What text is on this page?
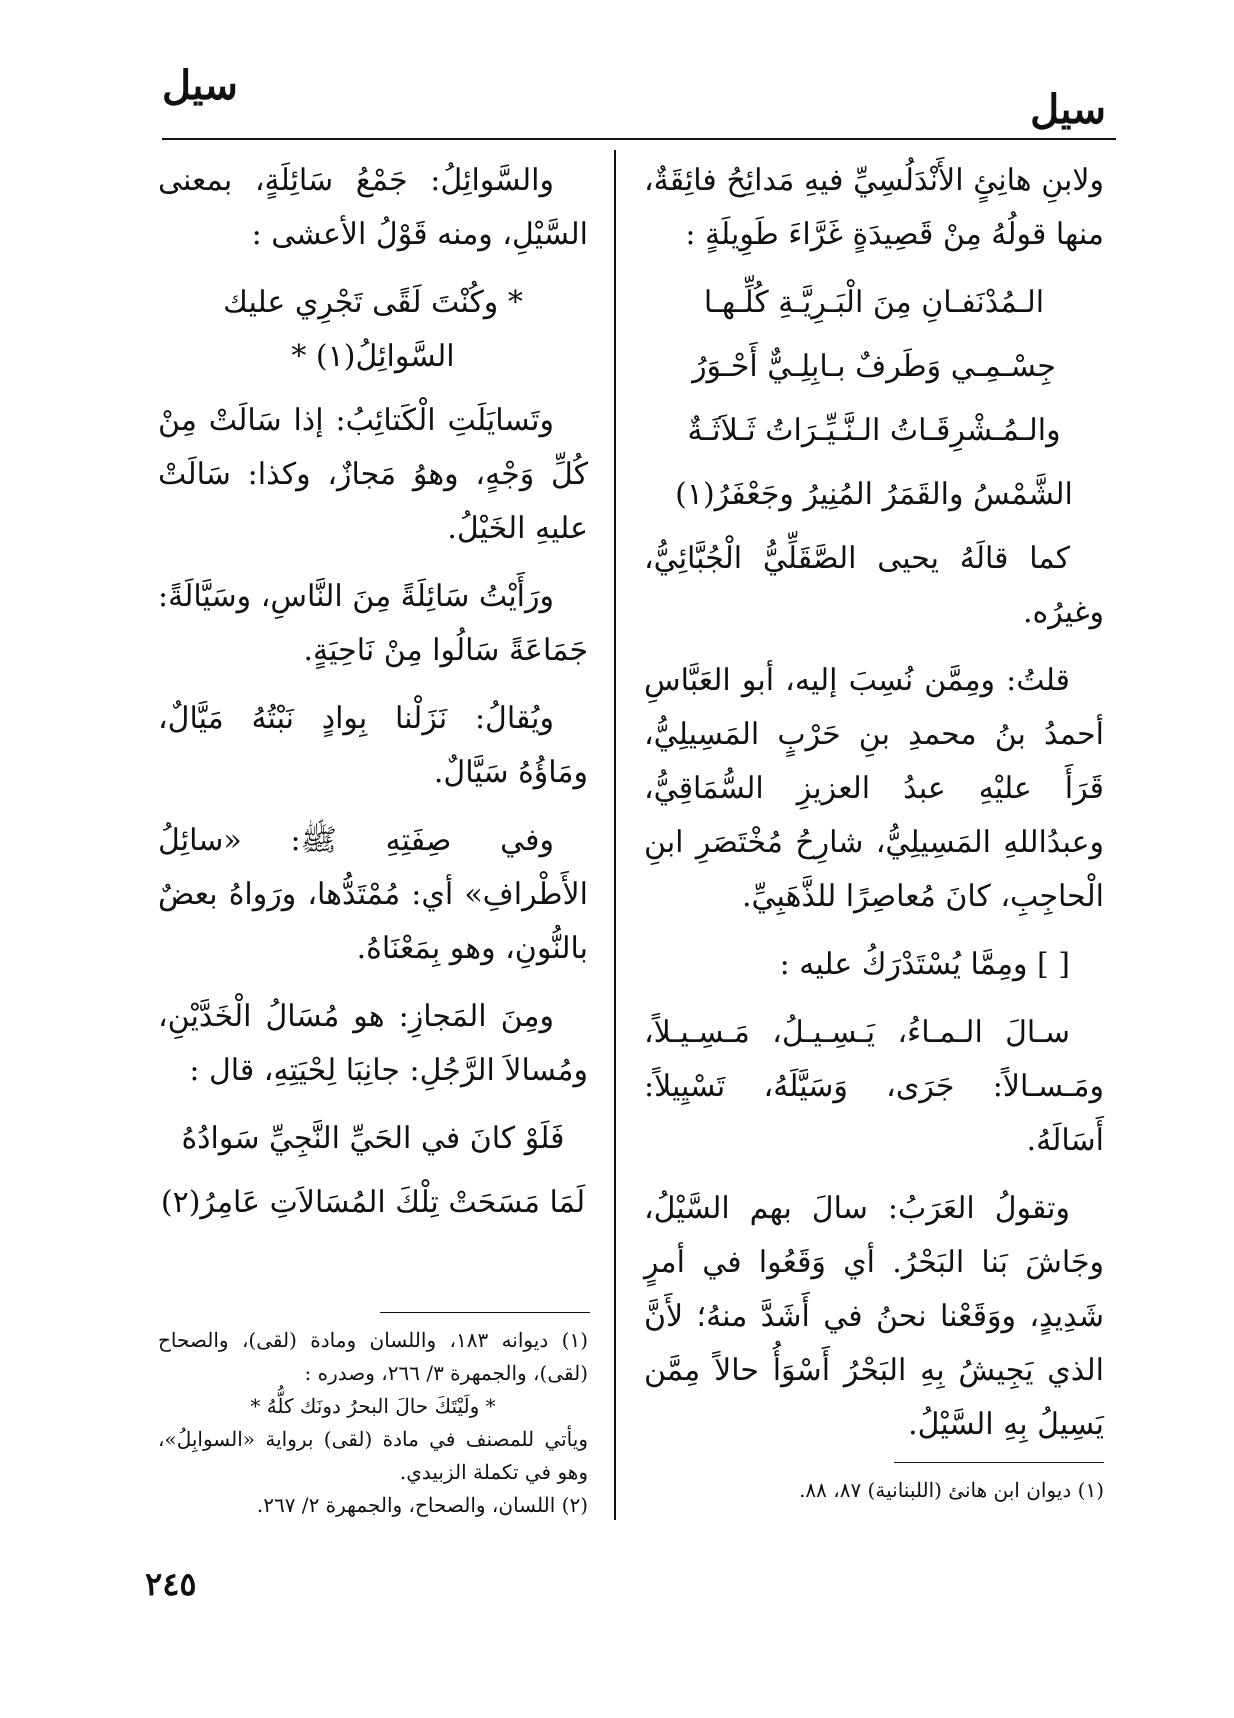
سيل
سيل

ولابنِ هانِئٍ الأَنْدَلُسِيِّ فيهِ مَدائِحُ فائِقَةٌ، منها قولُهُ مِنْ قَصِيدَةٍ غَرَّاءَ طَوِيلَةٍ :

الـمُدْنَفـانِ مِنَ الْبَـرِيَّـةِ كُلِّـهـا

جِسْـمِـي وَطَرفٌ بـابِلِـيٌّ أَحْـوَرُ

والـمُـشْرِقَـاتُ الـنَّـيِّـرَاتُ ثَـلاَثَـةٌ

الشَّمْسُ والقَمَرُ المُنِيرُ وجَعْفَرُ(١)

كما قالَهُ يحيى الصَّقَلِّيُّ الْجُبَّائِيُّ، وغيرُه.

قلتُ: ومِمَّن نُسِبَ إليه، أبو العَبَّاسِ أحمدُ بنُ محمدِ بنِ حَرْبٍ المَسِيلِيُّ، قَرَأَ عليْهِ عبدُ العزيزِ السُّمَاقِيُّ، وعبدُاللهِ المَسِيلِيُّ، شارِحُ مُخْتَصَرِ ابنِ الْحاجِبِ، كانَ مُعاصِرًا للذَّهَبِيِّ.

[ ] ومِمَّا يُسْتَدْرَكُ عليه :

سـالَ الـمـاءُ، يَـسِـيـلُ، مَـسِـيـلاً، ومَـسـالاً: جَرَى، وَسَيَّلَهُ، تَسْيِيلاً: أَسَالَهُ.

وتقولُ العَرَبُ: سالَ بهم السَّيْلُ، وجَاشَ بَنا البَحْرُ. أي وَقَعُوا في أمرٍ شَدِيدٍ، ووَقَعْنا نحنُ في أَشَدَّ منهُ؛ لأَنَّ الذي يَجِيشُ بِهِ البَحْرُ أَسْوَأُ حالاً مِمَّن يَسِيلُ بِهِ السَّيْلُ.

والسَّوائِلُ: جَمْعُ سَائِلَةٍ، بمعنى السَّيْلِ، ومنه قَوْلُ الأعشى :

* وكُنْتَ لَقًى تَجْرِي عليك السَّوائِلُ(١) *

وتَسايَلَتِ الْكَتائِبُ: إذا سَالَتْ مِنْ كُلِّ وَجْهٍ، وهوُ مَجازٌ، وكذا: سَالَتْ عليهِ الخَيْلُ.

ورَأَيْتُ سَائِلَةً مِنَ النَّاسِ، وسَيَّالَةً: جَمَاعَةً سَالُوا مِنْ نَاحِيَةٍ.

ويُقالُ: نَزَلْنا بِوادٍ نَبْتُهُ مَيَّالٌ، ومَاؤُهُ سَيَّالٌ.

وفي صِفَتِهِ ﷺ: «سائِلُ الأَطْرافِ» أي: مُمْتَدُّها، ورَواهُ بعضٌ بالنُّونِ، وهو بِمَعْنَاهُ.

ومِنَ المَجازِ: هو مُسَالُ الْخَدَّيْنِ، ومُسالاَ الرَّجُلِ: جانِبَا لِحْيَتِهِ، قال :

فَلَوْ كانَ في الحَيِّ النَّجِيِّ سَوادُهُ

لَمَا مَسَحَتْ تِلْكَ المُسَالاَتِ عَامِرُ(٢)

(١) ديوانه ١٨٣، واللسان ومادة (لقى)، والصحاح (لقى)، والجمهرة ٣/ ٢٦٦، وصدره :

* ولَيْتَكَ حالَ البحرُ دونَك كلُّهُ *

ويأتي للمصنف في مادة (لقى) برواية «السوابِلُ»، وهو في تكملة الزبيدي.

(٢) اللسان، والصحاح، والجمهرة ٢/ ٢٦٧.

(١) ديوان ابن هانئ (اللبنانية) ٨٧، ٨٨.

٢٤٥
